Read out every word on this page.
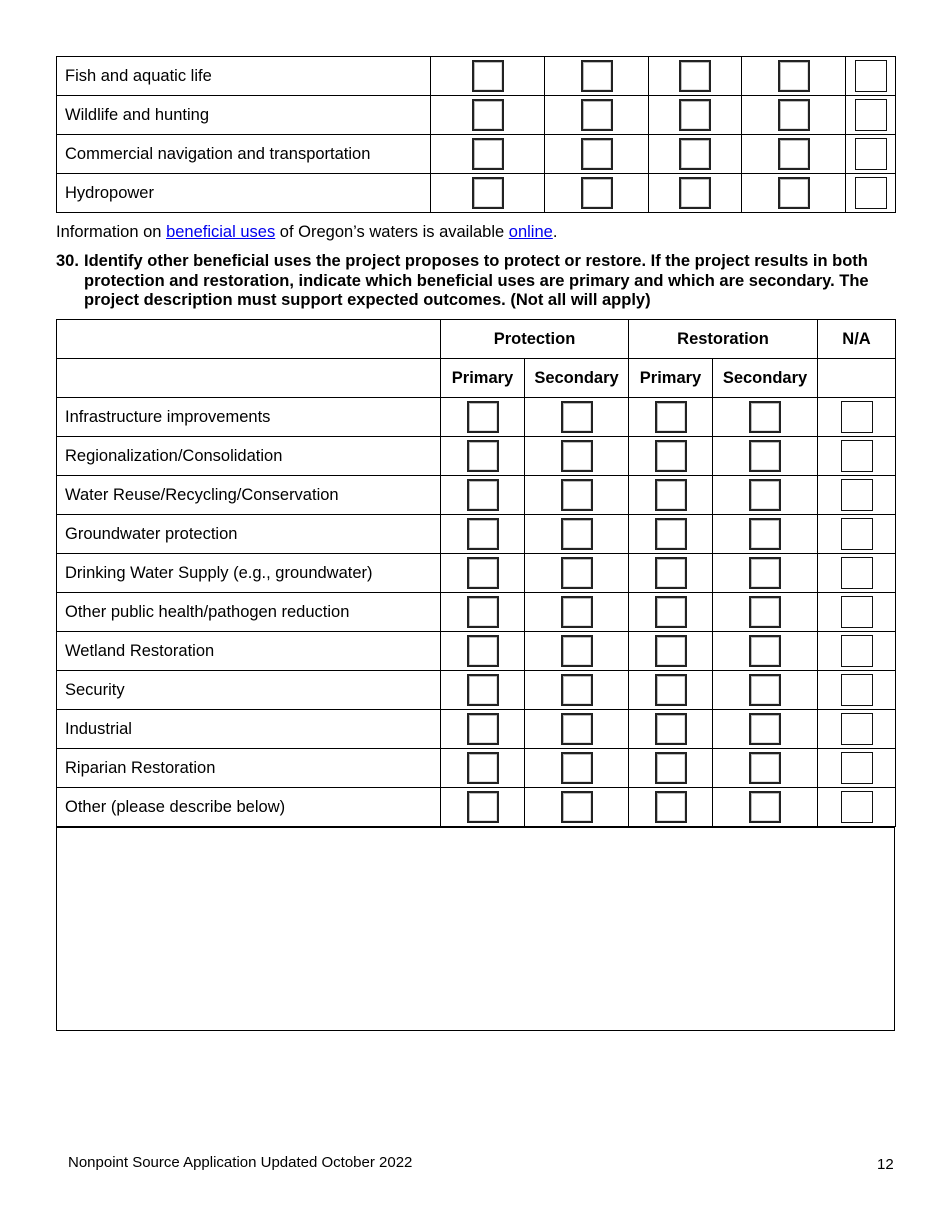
Fish and aquatic life					
Wildlife and hunting					
Commercial navigation and transportation					
Hydropower					
Information on beneficial uses of Oregon’s waters is available online.
30. Identify other beneficial uses the project proposes to protect or restore. If the project results in both protection and restoration, indicate which beneficial uses are primary and which are secondary. The project description must support expected outcomes. (Not all will apply)
	Protection		Restoration		N/A
	Primary	Secondary	Primary	Secondary	
Infrastructure improvements					
Regionalization/Consolidation					
Water Reuse/Recycling/Conservation					
Groundwater protection					
Drinking Water Supply (e.g., groundwater)					
Other public health/pathogen reduction					
Wetland Restoration					
Security					
Industrial					
Riparian Restoration					
Other (please describe below)					
Nonpoint Source Application Updated October 2022	12
